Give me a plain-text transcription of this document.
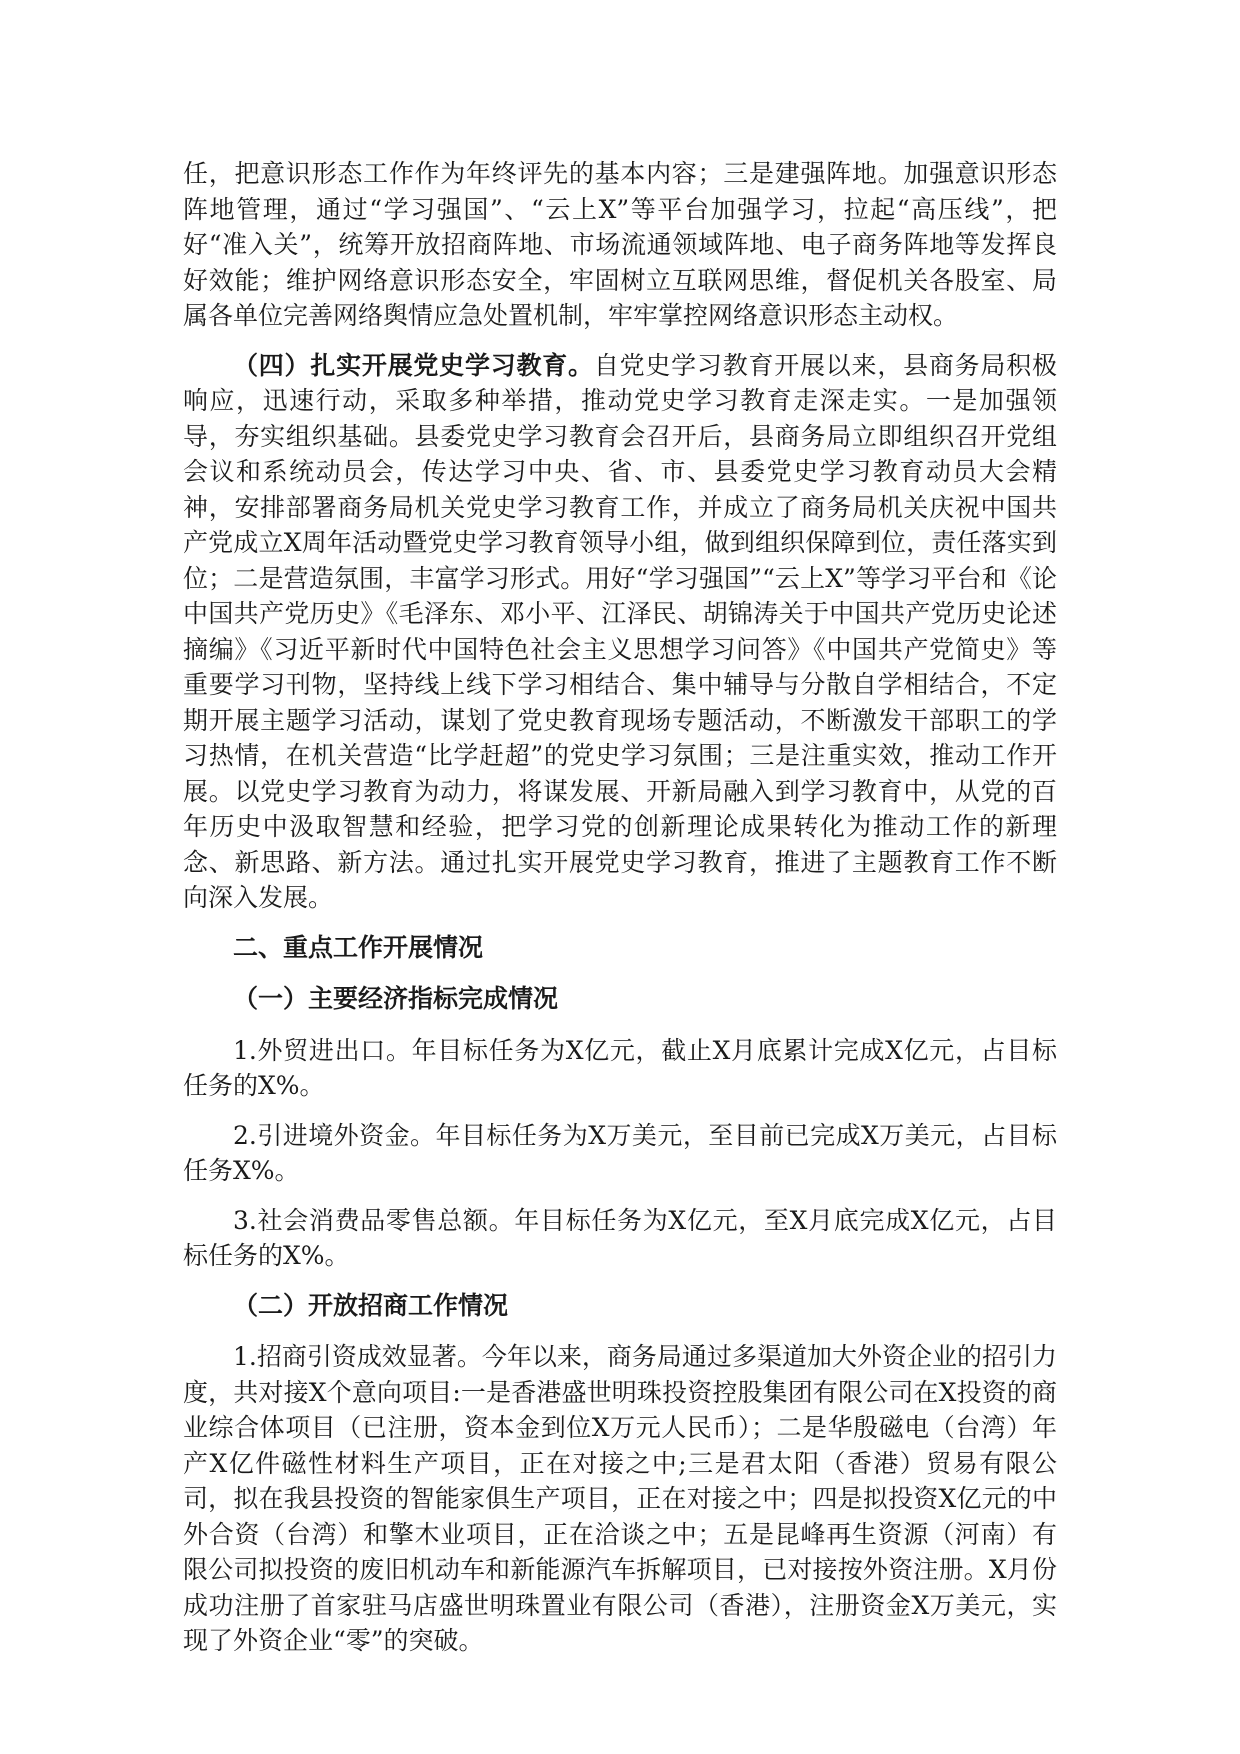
任，把意识形态工作作为年终评先的基本内容；三是建强阵地。加强意识形态阵地管理，通过“学习强国”、“云上X”等平台加强学习，拉起“高压线”，把好“准入关”，统筹开放招商阵地、市场流通领域阵地、电子商务阵地等发挥良好效能；维护网络意识形态安全，牢固树立互联网思维，督促机关各股室、局属各单位完善网络舆情应急处置机制，牢牢掌控网络意识形态主动权。

（四）扎实开展党史学习教育。自党史学习教育开展以来，县商务局积极响应，迅速行动，采取多种举措，推动党史学习教育走深走实。一是加强领导，夯实组织基础。县委党史学习教育会召开后，县商务局立即组织召开党组会议和系统动员会，传达学习中央、省、市、县委党史学习教育动员大会精神，安排部署商务局机关党史学习教育工作，并成立了商务局机关庆祝中国共产党成立X周年活动暨党史学习教育领导小组，做到组织保障到位，责任落实到位；二是营造氛围，丰富学习形式。用好“学习强国”“云上X”等学习平台和《论中国共产党历史》《毛泽东、邓小平、江泽民、胡锦涛关于中国共产党历史论述摘编》《习近平新时代中国特色社会主义思想学习问答》《中国共产党简史》等重要学习刊物，坚持线上线下学习相结合、集中辅导与分散自学相结合，不定期开展主题学习活动，谋划了党史教育现场专题活动，不断激发干部职工的学习热情，在机关营造“比学赶超”的党史学习氛围；三是注重实效，推动工作开展。以党史学习教育为动力，将谋发展、开新局融入到学习教育中，从党的百年历史中汲取智慧和经验，把学习党的创新理论成果转化为推动工作的新理念、新思路、新方法。通过扎实开展党史学习教育，推进了主题教育工作不断向深入发展。

二、重点工作开展情况

（一）主要经济指标完成情况

1.外贸进出口。年目标任务为X亿元，截止X月底累计完成X亿元，占目标任务的X%。

2.引进境外资金。年目标任务为X万美元，至目前已完成X万美元，占目标任务X%。

3.社会消费品零售总额。年目标任务为X亿元，至X月底完成X亿元，占目标任务的X%。

（二）开放招商工作情况

1.招商引资成效显著。今年以来，商务局通过多渠道加大外资企业的招引力度，共对接X个意向项目:一是香港盛世明珠投资控股集团有限公司在X投资的商业综合体项目（已注册，资本金到位X万元人民币）；二是华殷磁电（台湾）年产X亿件磁性材料生产项目，正在对接之中;三是君太阳（香港）贸易有限公司，拟在我县投资的智能家俱生产项目，正在对接之中；四是拟投资X亿元的中外合资（台湾）和擎木业项目，正在洽谈之中；五是昆峰再生资源（河南）有限公司拟投资的废旧机动车和新能源汽车拆解项目，已对接按外资注册。X月份成功注册了首家驻马店盛世明珠置业有限公司（香港），注册资金X万美元，实现了外资企业“零”的突破。
